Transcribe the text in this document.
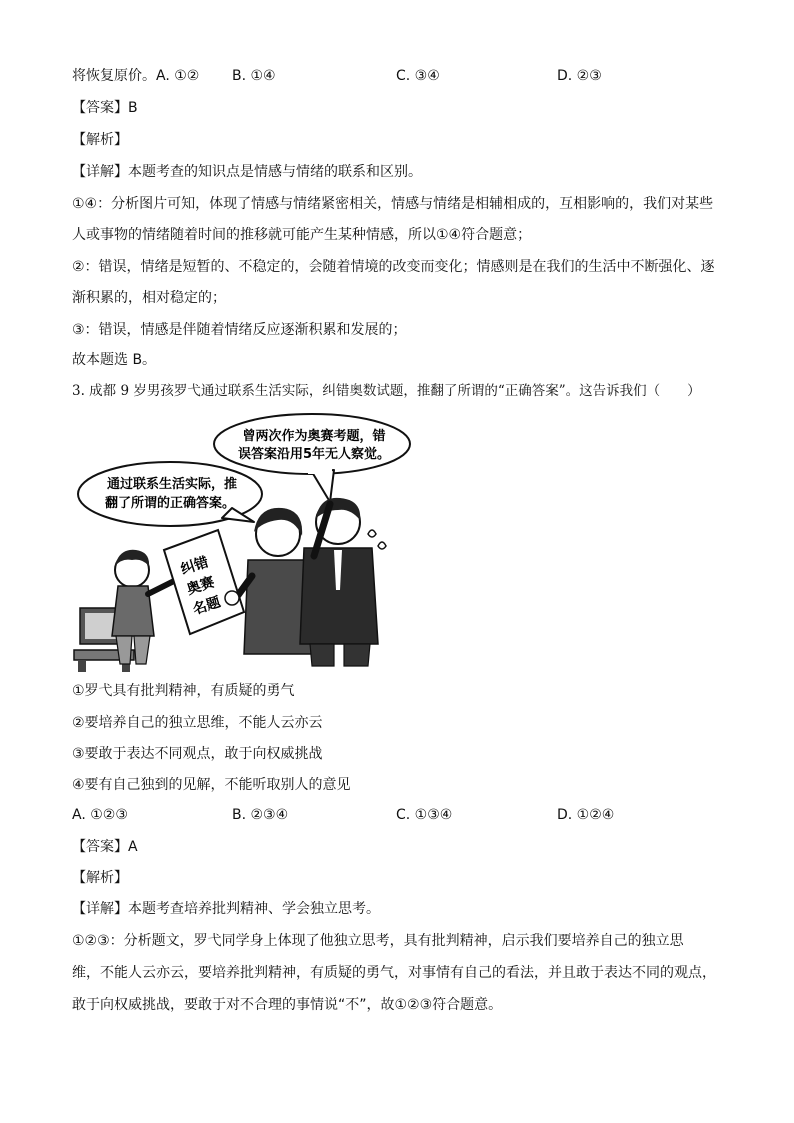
将恢复原价。A. ①② B. ①④	C. ③④	D. ②③
【答案】B
【解析】
【详解】本题考查的知识点是情感与情绪的联系和区别。
①④：分析图片可知，体现了情感与情绪紧密相关，情感与情绪是相辅相成的，互相影响的，我们对某些
人或事物的情绪随着时间的推移就可能产生某种情感，所以①④符合题意；
②：错误，情绪是短暂的、不稳定的，会随着情境的改变而变化；情感则是在我们的生活中不断强化、逐
渐积累的，相对稳定的；
③：错误，情感是伴随着情绪反应逐渐积累和发展的；
故本题选 B。
3. 成都 9 岁男孩罗弋通过联系生活实际，纠错奥数试题，推翻了所谓的“正确答案”。这告诉我们（　　）
曾两次作为奥赛考题，错
误答案沿用5年无人察觉。
通过联系生活实际，推
翻了所谓的正确答案。
纠错
奥赛
名题
①罗弋具有批判精神，有质疑的勇气
②要培养自己的独立思维，不能人云亦云
③要敢于表达不同观点，敢于向权威挑战
④要有自己独到的见解，不能听取别人的意见
A. ①②③	B. ②③④	C. ①③④	D. ①②④
【答案】A
【解析】
【详解】本题考查培养批判精神、学会独立思考。
①②③：分析题文，罗弋同学身上体现了他独立思考，具有批判精神，启示我们要培养自己的独立思
维，不能人云亦云，要培养批判精神，有质疑的勇气，对事情有自己的看法，并且敢于表达不同的观点，
敢于向权威挑战，要敢于对不合理的事情说“不”，故①②③符合题意。
